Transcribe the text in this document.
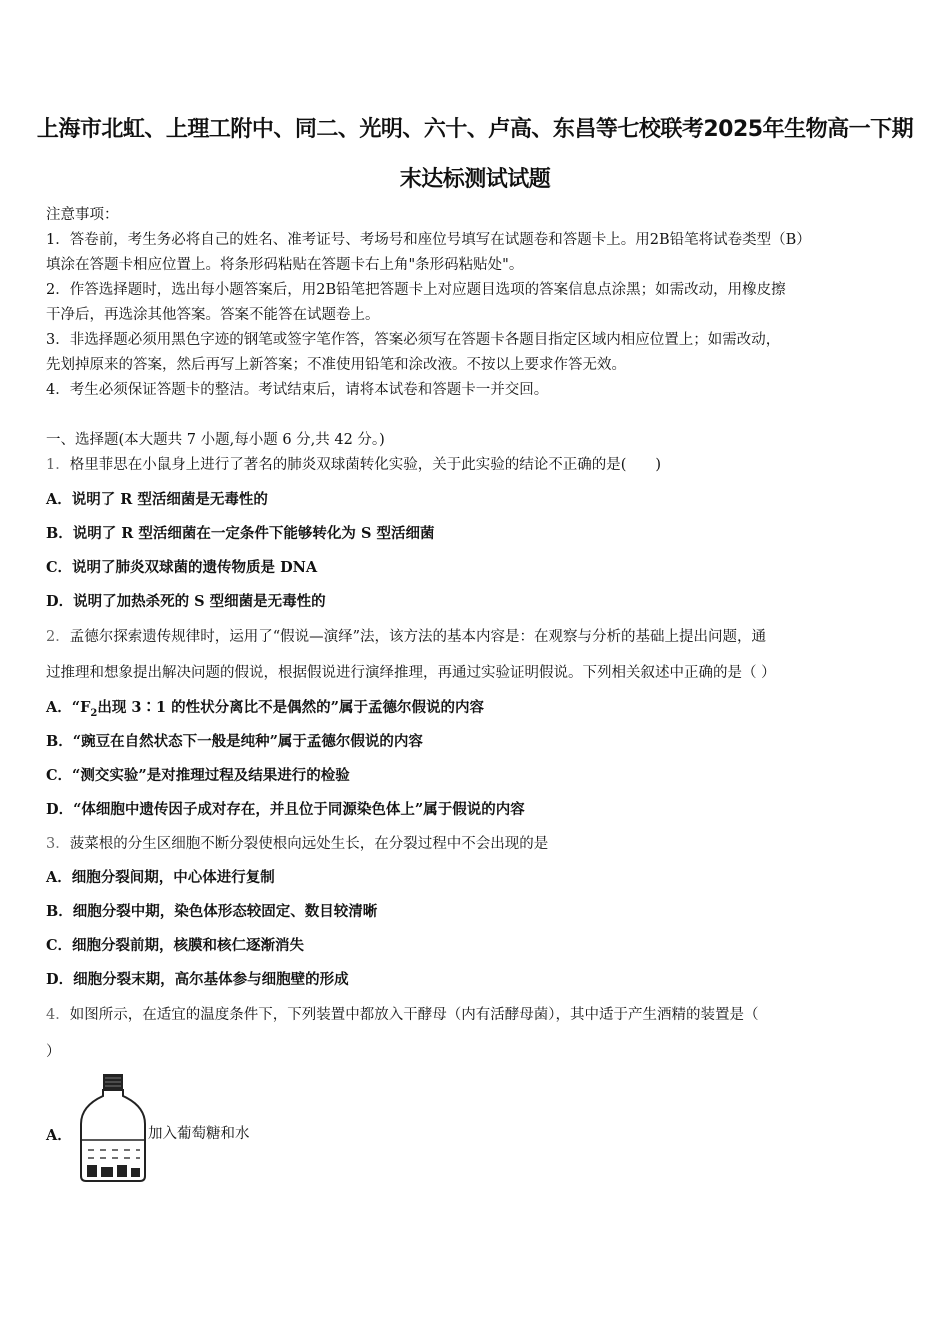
上海市北虹、上理工附中、同二、光明、六十、卢高、东昌等七校联考2025年生物高一下期
末达标测试试题
注意事项：
1．答卷前，考生务必将自己的姓名、准考证号、考场号和座位号填写在试题卷和答题卡上。用2B铅笔将试卷类型（B）
填涂在答题卡相应位置上。将条形码粘贴在答题卡右上角"条形码粘贴处"。
2．作答选择题时，选出每小题答案后，用2B铅笔把答题卡上对应题目选项的答案信息点涂黑；如需改动，用橡皮擦
干净后，再选涂其他答案。答案不能答在试题卷上。
3．非选择题必须用黑色字迹的钢笔或签字笔作答，答案必须写在答题卡各题目指定区域内相应位置上；如需改动，
先划掉原来的答案，然后再写上新答案；不准使用铅笔和涂改液。不按以上要求作答无效。
4．考生必须保证答题卡的整洁。考试结束后，请将本试卷和答题卡一并交回。
一、选择题(本大题共 7 小题,每小题 6 分,共 42 分。)
1．格里菲思在小鼠身上进行了著名的肺炎双球菌转化实验，关于此实验的结论不正确的是(　　)
A．说明了 R 型活细菌是无毒性的
B．说明了 R 型活细菌在一定条件下能够转化为 S 型活细菌
C．说明了肺炎双球菌的遗传物质是 DNA
D．说明了加热杀死的 S 型细菌是无毒性的
2．孟德尔探索遗传规律时，运用了“假说—演绎”法，该方法的基本内容是：在观察与分析的基础上提出问题，通
过推理和想象提出解决问题的假说，根据假说进行演绎推理，再通过实验证明假说。下列相关叙述中正确的是（ ）
A．“$F_2$出现 3∶1 的性状分离比不是偶然的”属于孟德尔假说的内容
B．“豌豆在自然状态下一般是纯种”属于孟德尔假说的内容
C．“测交实验”是对推理过程及结果进行的检验
D．“体细胞中遗传因子成对存在，并且位于同源染色体上”属于假说的内容
3．菠菜根的分生区细胞不断分裂使根向远处生长，在分裂过程中不会出现的是
A．细胞分裂间期，中心体进行复制
B．细胞分裂中期，染色体形态较固定、数目较清晰
C．细胞分裂前期，核膜和核仁逐渐消失
D．细胞分裂末期，高尔基体参与细胞壁的形成
4．如图所示，在适宜的温度条件下，下列装置中都放入干酵母（内有活酵母菌），其中适于产生酒精的装置是（
）
A．	加入葡萄糖和水
